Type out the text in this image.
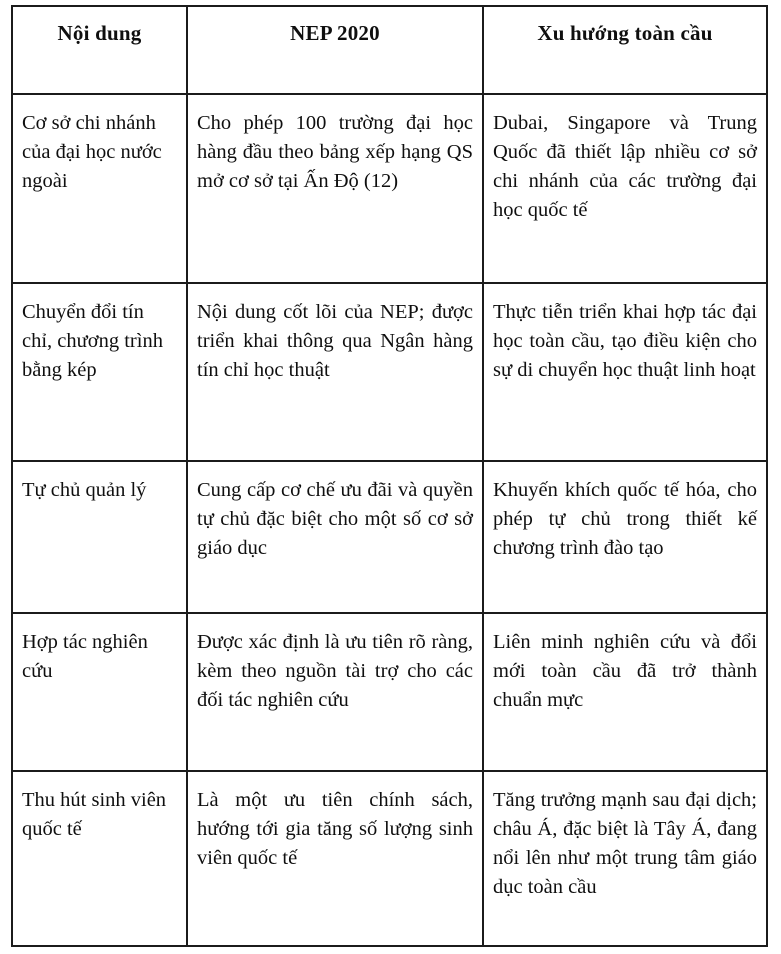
Nội dung	NEP 2020	Xu hướng toàn cầu
Cơ sở chi nhánh của đại học nước ngoài	Cho phép 100 trường đại học hàng đầu theo bảng xếp hạng QS mở cơ sở tại Ấn Độ (12)	Dubai, Singapore và Trung Quốc đã thiết lập nhiều cơ sở chi nhánh của các trường đại học quốc tế

Chuyển đổi tín chỉ, chương trình bằng kép	Nội dung cốt lõi của NEP; được triển khai thông qua Ngân hàng tín chỉ học thuật	Thực tiễn triển khai hợp tác đại học toàn cầu, tạo điều kiện cho sự di chuyển học thuật linh hoạt

Tự chủ quản lý	Cung cấp cơ chế ưu đãi và quyền tự chủ đặc biệt cho một số cơ sở giáo dục	Khuyến khích quốc tế hóa, cho phép tự chủ trong thiết kế chương trình đào tạo

Hợp tác nghiên cứu	Được xác định là ưu tiên rõ ràng, kèm theo nguồn tài trợ cho các đối tác nghiên cứu	Liên minh nghiên cứu và đổi mới toàn cầu đã trở thành chuẩn mực

Thu hút sinh viên quốc tế	Là một ưu tiên chính sách, hướng tới gia tăng số lượng sinh viên quốc tế	Tăng trưởng mạnh sau đại dịch; châu Á, đặc biệt là Tây Á, đang nổi lên như một trung tâm giáo dục toàn cầu
